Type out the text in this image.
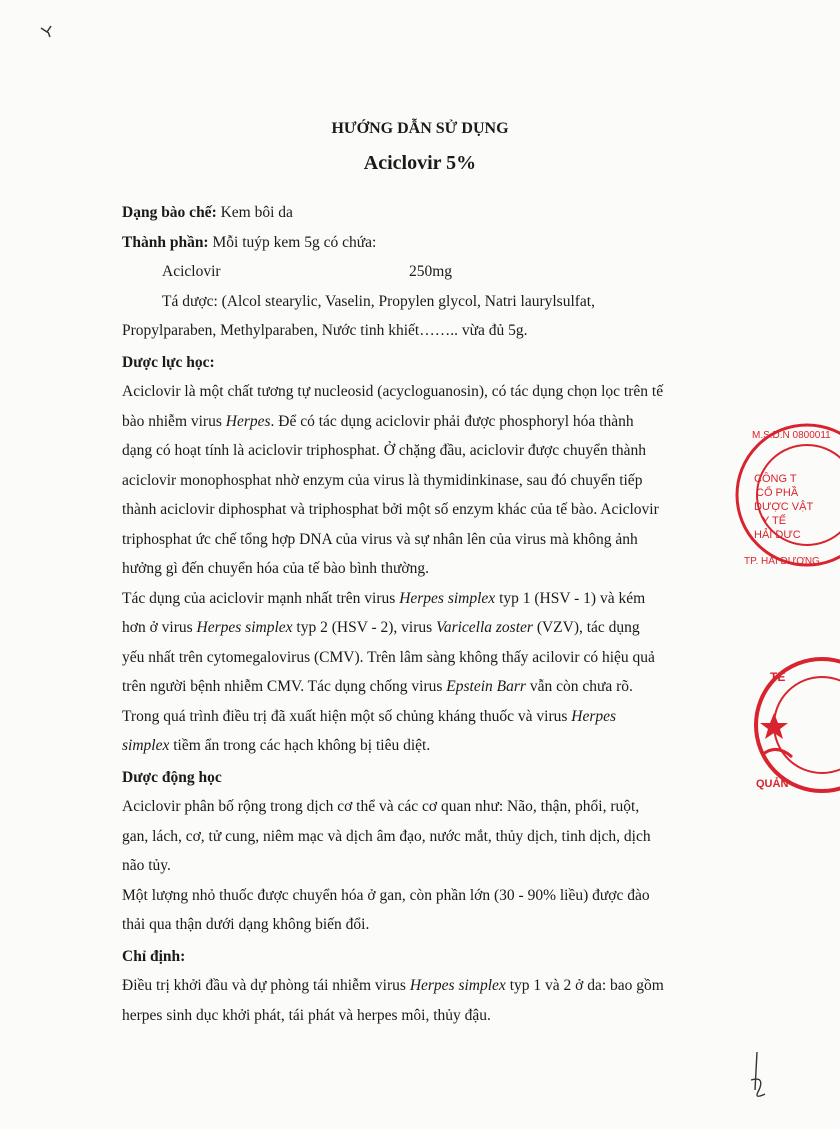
HƯỚNG DẪN SỬ DỤNG
Aciclovir 5%
Dạng bào chế: Kem bôi da
Thành phần: Mỗi tuýp kem 5g có chứa:
Aciclovir	250mg
Tá dược: (Alcol stearylic, Vaselin, Propylen glycol, Natri laurylsulfat,
Propylparaben, Methylparaben, Nước tinh khiết…….. vừa đủ 5g.
Dược lực học:
Aciclovir là một chất tương tự nucleosid (acycloguanosin), có tác dụng chọn lọc trên tế
bào nhiễm virus Herpes. Để có tác dụng aciclovir phải được phosphoryl hóa thành
dạng có hoạt tính là aciclovir triphosphat. Ở chặng đầu, aciclovir được chuyển thành
aciclovir monophosphat nhờ enzym của virus là thymidinkinase, sau đó chuyển tiếp
thành aciclovir diphosphat và triphosphat bởi một số enzym khác của tế bào. Aciclovir
triphosphat ức chế tổng hợp DNA của virus và sự nhân lên của virus mà không ảnh
hưởng gì đến chuyển hóa của tế bào bình thường.
Tác dụng của aciclovir mạnh nhất trên virus Herpes simplex typ 1 (HSV - 1) và kém
hơn ở virus Herpes simplex typ 2 (HSV - 2), virus Varicella zoster (VZV), tác dụng
yếu nhất trên cytomegalovirus (CMV). Trên lâm sàng không thấy acilovir có hiệu quả
trên người bệnh nhiễm CMV. Tác dụng chống virus Epstein Barr vẫn còn chưa rõ.
Trong quá trình điều trị đã xuất hiện một số chủng kháng thuốc và virus Herpes
simplex tiềm ẩn trong các hạch không bị tiêu diệt.
Dược động học
Aciclovir phân bố rộng trong dịch cơ thể và các cơ quan như: Não, thận, phổi, ruột,
gan, lách, cơ, tử cung, niêm mạc và dịch âm đạo, nước mắt, thủy dịch, tinh dịch, dịch
não tủy.
Một lượng nhỏ thuốc được chuyển hóa ở gan, còn phần lớn (30 - 90% liều) được đào
thải qua thận dưới dạng không biến đổi.
Chỉ định:
Điều trị khởi đầu và dự phòng tái nhiễm virus Herpes simplex typ 1 và 2 ở da: bao gồm
herpes sinh dục khởi phát, tái phát và herpes môi, thủy đậu.
CÔNG T
CỔ PHẦ
DƯỢC VẬT
Y TẾ
HẢI DƯC
M.S.D.N 0800011
TP. HẢI DƯƠNG
TẾ
QUẢN
